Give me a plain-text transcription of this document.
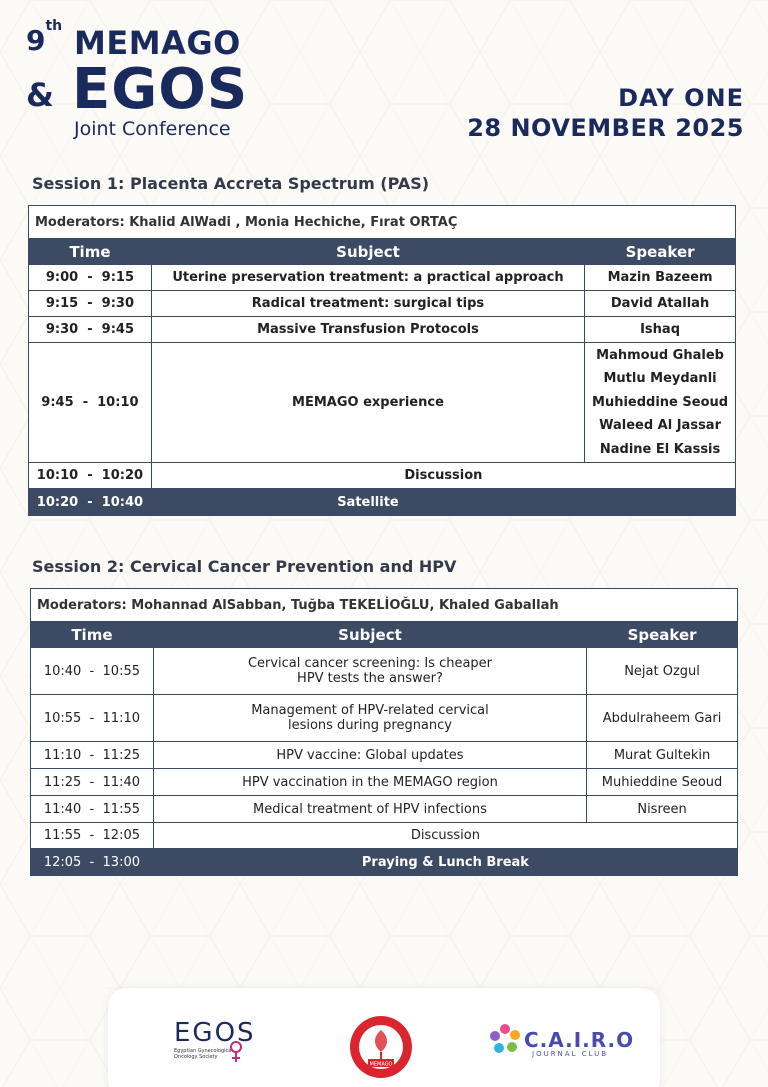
9th MEMAGO
& EGOS
Joint Conference
DAY ONE
28 NOVEMBER 2025
Session 1: Placenta Accreta Spectrum (PAS)
Moderators: Khalid AlWadi , Monia Hechiche, Fırat ORTAÇ		
Time	Subject	Speaker
9:00  -  9:15	Uterine preservation treatment: a practical approach	Mazin Bazeem
9:15  -  9:30	Radical treatment: surgical tips	David Atallah
9:30  -  9:45	Massive Transfusion Protocols	Ishaq
9:45  -  10:10	MEMAGO experience	Mahmoud Ghaleb
Mutlu Meydanli
Muhieddine Seoud
Waleed Al Jassar
Nadine El Kassis

10:10  -  10:20	Discussion	
10:20  -  10:40	Satellite	
Session 2: Cervical Cancer Prevention and HPV
Moderators: Mohannad AlSabban, Tuğba TEKELİOĞLU, Khaled Gaballah		
Time	Subject	Speaker
10:40  -  10:55	Cervical cancer screening: Is cheaper
HPV tests the answer?	Nejat Ozgul
10:55  -  11:10	Management of HPV-related cervical
lesions during pregnancy	Abdulraheem Gari
11:10  -  11:25	HPV vaccine: Global updates	Murat Gultekin
11:25  -  11:40	HPV vaccination in the MEMAGO region	Muhieddine Seoud
11:40  -  11:55	Medical treatment of HPV infections	Nisreen
11:55  -  12:05	Discussion	
12:05  -  13:00	Praying & Lunch Break	
EGOS
Egyptian Gynecological
Oncology Society
MEMAGO
C.A.I.R.O
JOURNAL CLUB
